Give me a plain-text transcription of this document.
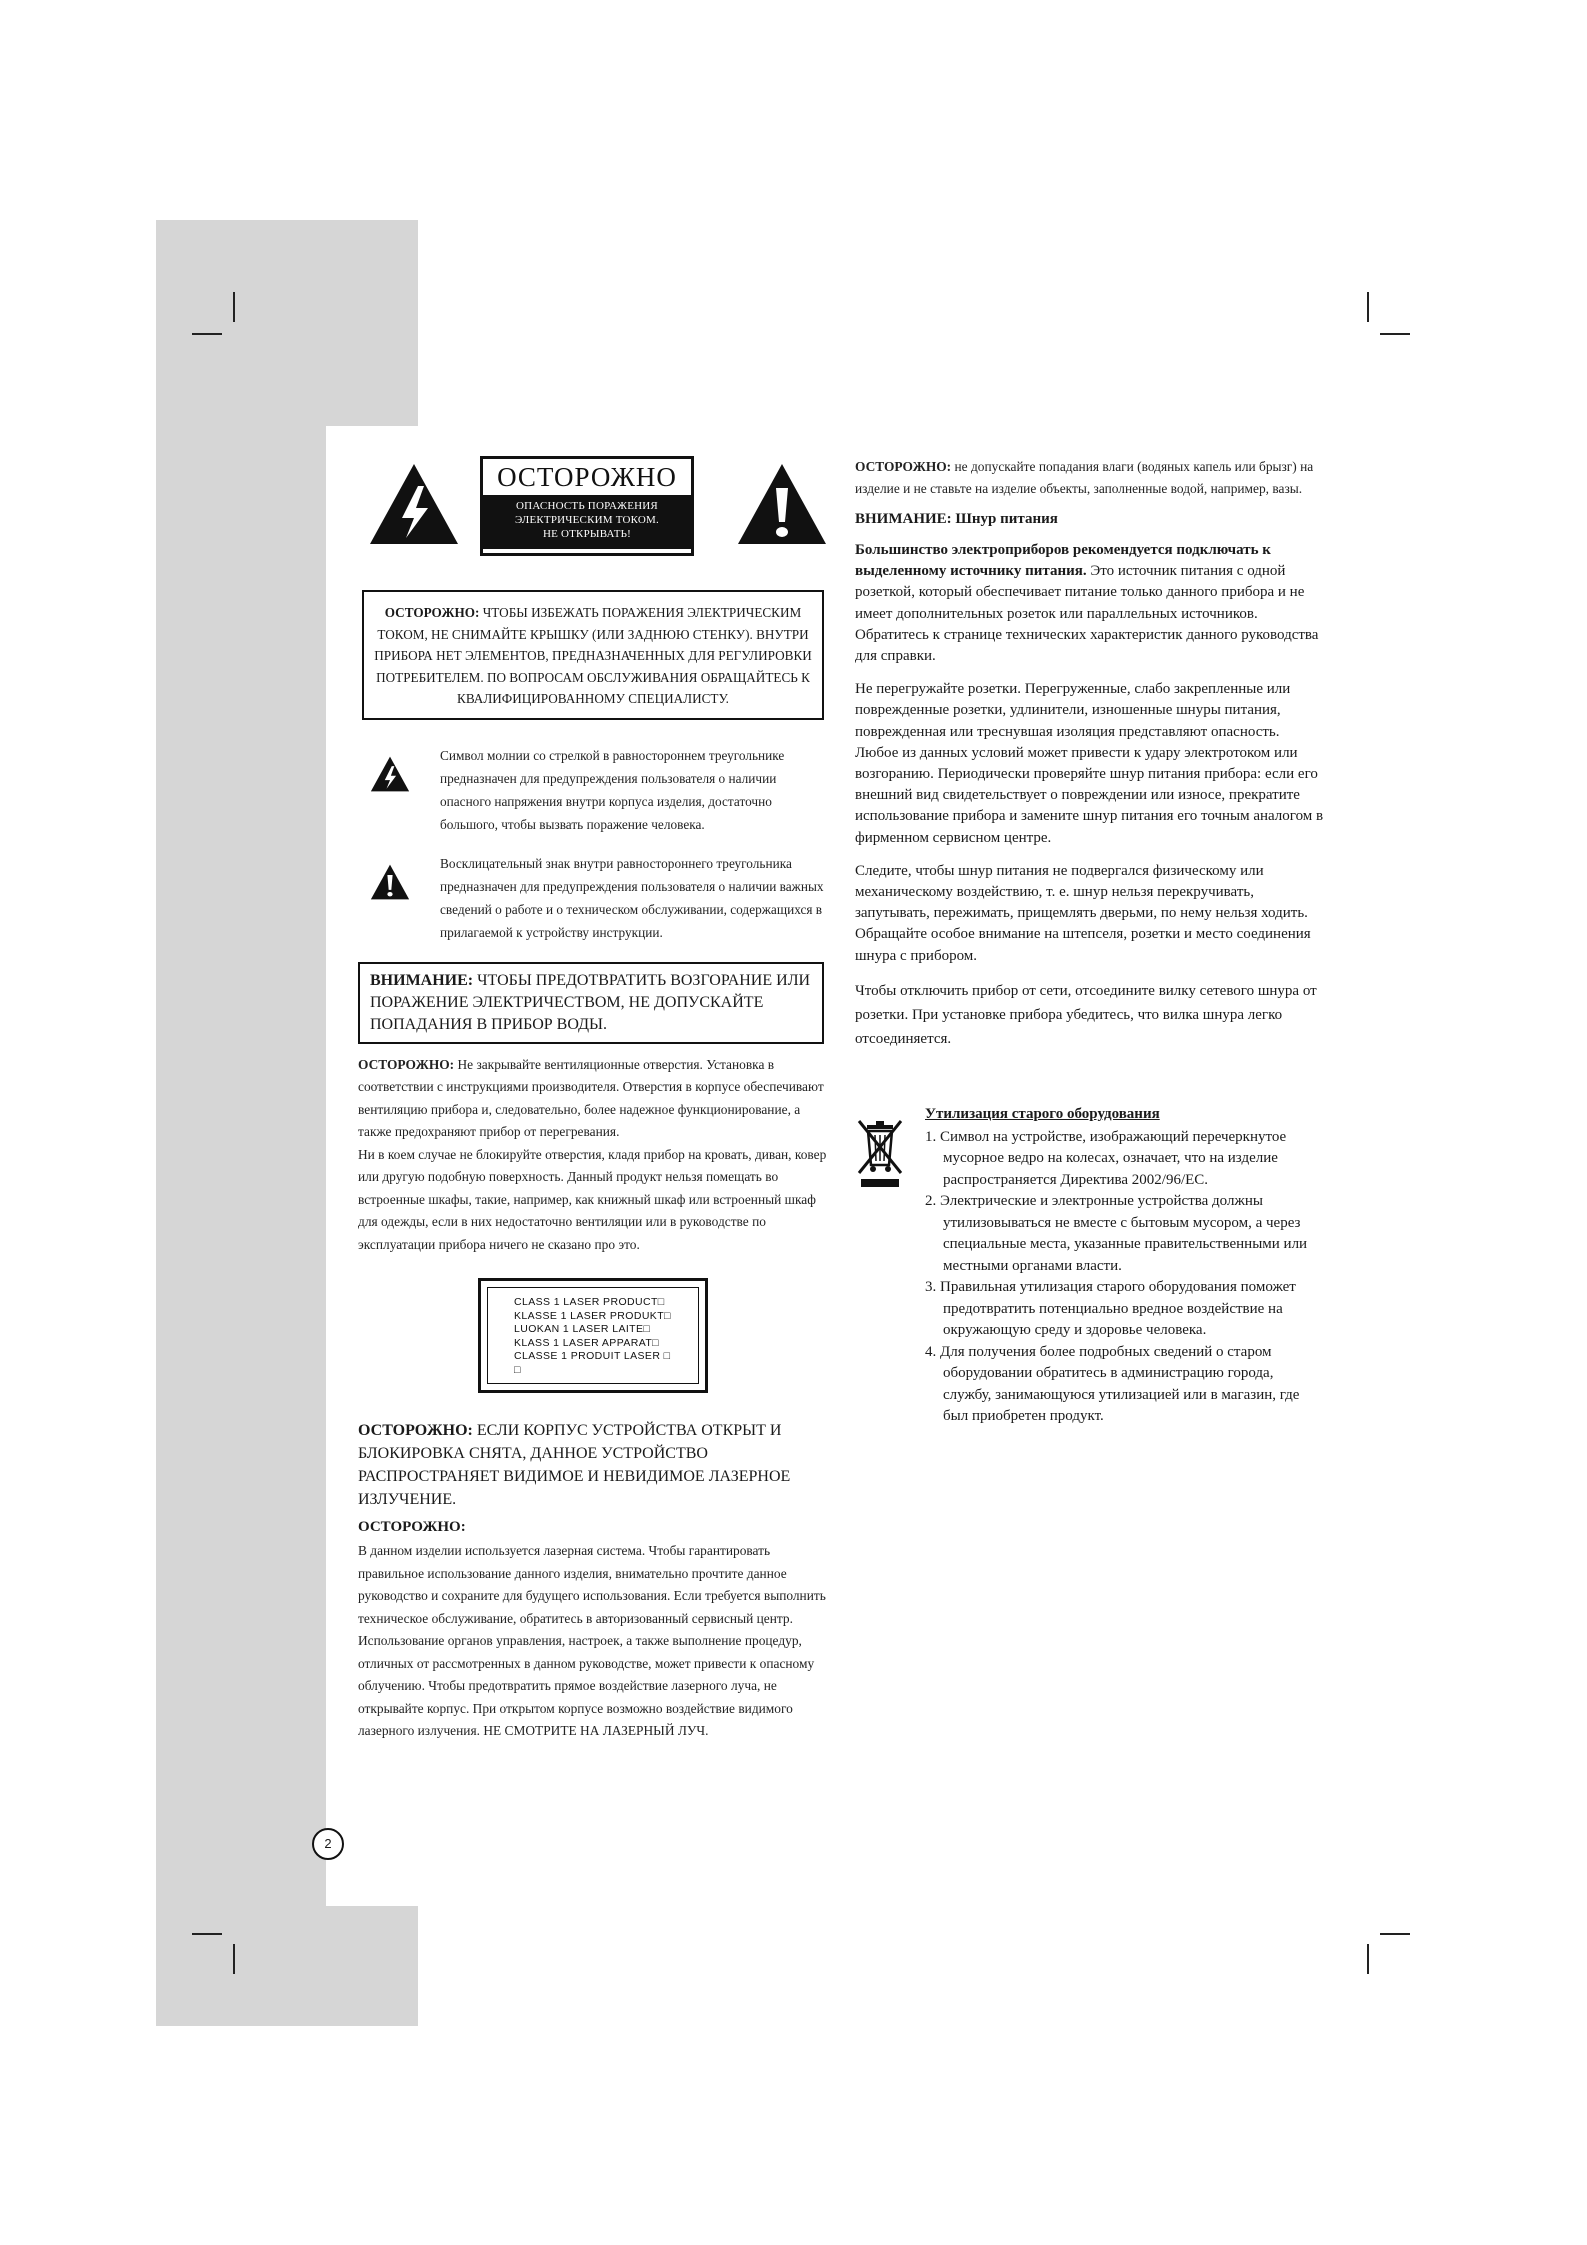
ОСТОРОЖНО
ОПАСНОСТЬ ПОРАЖЕНИЯ
ЭЛЕКТРИЧЕСКИМ ТОКОМ.
НЕ ОТКРЫВАТЬ!
ОСТОРОЖНО: ЧТОБЫ ИЗБЕЖАТЬ ПОРАЖЕНИЯ ЭЛЕКТРИЧЕСКИМ ТОКОМ, НЕ СНИМАЙТЕ КРЫШКУ (ИЛИ ЗАДНЮЮ СТЕНКУ). ВНУТРИ ПРИБОРА НЕТ ЭЛЕМЕНТОВ, ПРЕДНАЗНАЧЕННЫХ ДЛЯ РЕГУЛИРОВКИ ПОТРЕБИТЕЛЕМ. ПО ВОПРОСАМ ОБСЛУЖИВАНИЯ ОБРАЩАЙТЕСЬ К КВАЛИФИЦИРОВАННОМУ СПЕЦИАЛИСТУ.
Символ молнии со стрелкой в равностороннем треугольнике предназначен для предупреждения пользователя о наличии опасного напряжения внутри корпуса изделия, достаточно большого, чтобы вызвать поражение человека.
Восклицательный знак внутри равностороннего треугольника предназначен для предупреждения пользователя о наличии важных сведений о работе и о техническом обслуживании, содержащихся в прилагаемой к устройству инструкции.
ВНИМАНИЕ: ЧТОБЫ ПРЕДОТВРАТИТЬ ВОЗГОРАНИЕ ИЛИ ПОРАЖЕНИЕ ЭЛЕКТРИЧЕСТВОМ, НЕ ДОПУСКАЙТЕ ПОПАДАНИЯ В ПРИБОР ВОДЫ.

ОСТОРОЖНО: Не закрывайте вентиляционные отверстия. Установка в соответствии с инструкциями производителя. Отверстия в корпусе обеспечивают вентиляцию прибора и, следовательно, более надежное функционирование, а также предохраняют прибор от перегревания.

Ни в коем случае не блокируйте отверстия, кладя прибор на кровать, диван, ковер или другую подобную поверхность. Данный продукт нельзя помещать во встроенные шкафы, такие, например, как книжный шкаф или встроенный шкаф для одежды, если в них недостаточно вентиляции или в руководстве по эксплуатации прибора ничего не сказано про это.

CLASS 1 LASER PRODUCT□
KLASSE 1 LASER PRODUKT□
LUOKAN 1 LASER LAITE□
KLASS 1 LASER APPARAT□
CLASSE 1 PRODUIT LASER □
□

ОСТОРОЖНО: ЕСЛИ КОРПУС УСТРОЙСТВА ОТКРЫТ И БЛОКИРОВКА СНЯТА, ДАННОЕ УСТРОЙСТВО РАСПРОСТРАНЯЕТ ВИДИМОЕ И НЕВИДИМОЕ ЛАЗЕРНОЕ ИЗЛУЧЕНИЕ.

ОСТОРОЖНО:

В данном изделии используется лазерная система. Чтобы гарантировать правильное использование данного изделия, внимательно прочтите данное руководство и сохраните для будущего использования. Если требуется выполнить техническое обслуживание, обратитесь в авторизованный сервисный центр. Использование органов управления, настроек, а также выполнение процедур, отличных от рассмотренных в данном руководстве, может привести к опасному облучению. Чтобы предотвратить прямое воздействие лазерного луча, не открывайте корпус. При открытом корпусе возможно воздействие видимого лазерного излучения. НЕ СМОТРИТЕ НА ЛАЗЕРНЫЙ ЛУЧ.

ОСТОРОЖНО: не допускайте попадания влаги (водяных капель или брызг) на изделие и не ставьте на изделие объекты, заполненные водой, например, вазы.

ВНИМАНИЕ: Шнур питания

Большинство электроприборов рекомендуется подключать к выделенному источнику питания. Это источник питания с одной розеткой, который обеспечивает питание только данного прибора и не имеет дополнительных розеток или параллельных источников. Обратитесь к странице технических характеристик данного руководства для справки.

Не перегружайте розетки. Перегруженные, слабо закрепленные или поврежденные розетки, удлинители, изношенные шнуры питания, поврежденная или треснувшая изоляция представляют опасность. Любое из данных условий может привести к удару электротоком или возгоранию. Периодически проверяйте шнур питания прибора: если его внешний вид свидетельствует о повреждении или износе, прекратите использование прибора и замените шнур питания его точным аналогом в фирменном сервисном центре.

Следите, чтобы шнур питания не подвергался физическому или механическому воздействию, т. е. шнур нельзя перекручивать, запутывать, пережимать, прищемлять дверьми, по нему нельзя ходить. Обращайте особое внимание на штепселя, розетки и место соединения шнура с прибором.

Чтобы отключить прибор от сети, отсоедините вилку сетевого шнура от розетки. При установке прибора убедитесь, что вилка шнура легко отсоединяется.

Утилизация старого оборудования
1. Символ на устройстве, изображающий перечеркнутое мусорное ведро на колесах, означает, что на изделие распространяется Директива 2002/96/EC.
2. Электрические и электронные устройства должны утилизовываться не вместе с бытовым мусором, а через специальные места, указанные правительственными или местными органами власти.
3. Правильная утилизация старого оборудования поможет предотвратить потенциально вредное воздействие на окружающую среду и здоровье человека.
4. Для получения более подробных сведений о старом оборудовании обратитесь в администрацию города, службу, занимающуюся утилизацией или в магазин, где был приобретен продукт.
2
